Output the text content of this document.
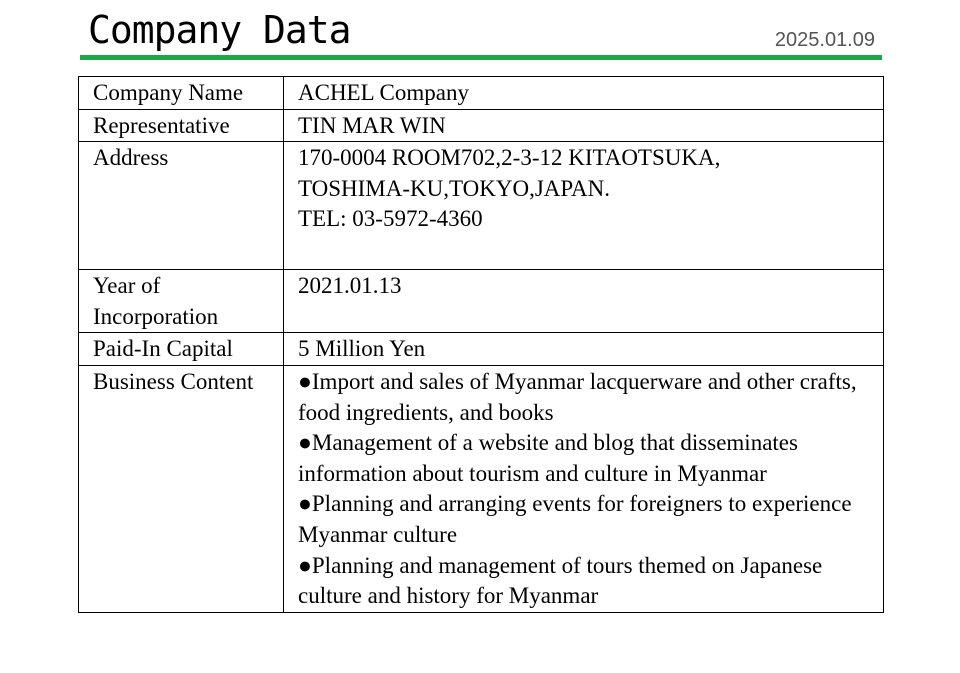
Company Data	2025.01.09
Company Name	ACHEL Company
Representative	TIN MAR WIN
Address	170-0004 ROOM702,2-3-12 KITAOTSUKA,
TOSHIMA-KU,TOKYO,JAPAN.
TEL: 03-5972-4360

Year of Incorporation	2021.01.13
Paid-In Capital	5 Million Yen
Business Content	●Import and sales of Myanmar lacquerware and other crafts, food ingredients, and books
●Management of a website and blog that disseminates information about tourism and culture in Myanmar
●Planning and arranging events for foreigners to experience Myanmar culture
●Planning and management of tours themed on Japanese culture and history for Myanmar
